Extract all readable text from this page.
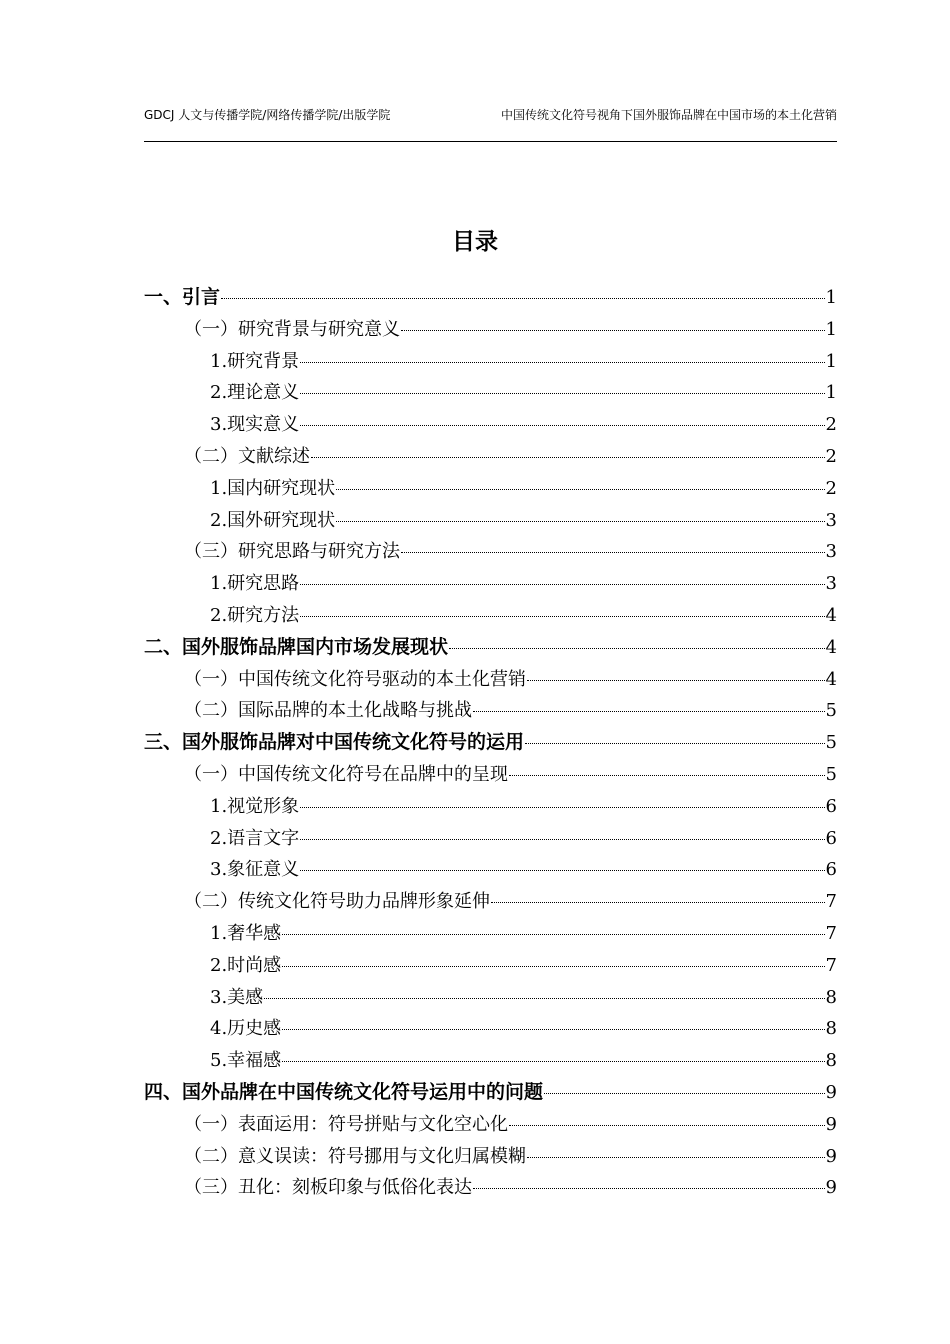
GDCJ 人文与传播学院/网络传播学院/出版学院	中国传统文化符号视角下国外服饰品牌在中国市场的本土化营销
目录
一、引言	1
（一）研究背景与研究意义	1
1.研究背景	1
2.理论意义	1
3.现实意义	2
（二）文献综述	2
1.国内研究现状	2
2.国外研究现状	3
（三）研究思路与研究方法	3
1.研究思路	3
2.研究方法	4
二、国外服饰品牌国内市场发展现状	4
（一）中国传统文化符号驱动的本土化营销	4
（二）国际品牌的本土化战略与挑战	5
三、国外服饰品牌对中国传统文化符号的运用	5
（一）中国传统文化符号在品牌中的呈现	5
1.视觉形象	6
2.语言文字	6
3.象征意义	6
（二）传统文化符号助力品牌形象延伸	7
1.奢华感	7
2.时尚感	7
3.美感	8
4.历史感	8
5.幸福感	8
四、国外品牌在中国传统文化符号运用中的问题	9
（一）表面运用：符号拼贴与文化空心化	9
（二）意义误读：符号挪用与文化归属模糊	9
（三）丑化：刻板印象与低俗化表达	9
